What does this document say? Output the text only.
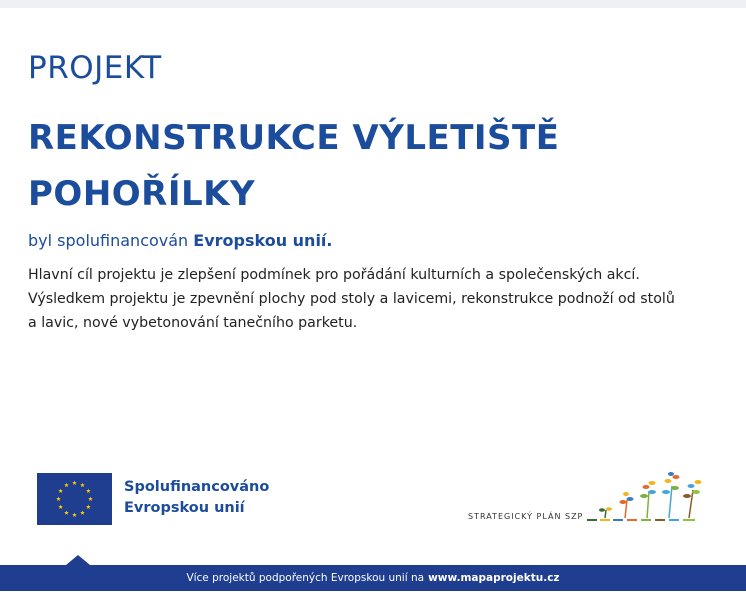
PROJEKT
REKONSTRUKCE VÝLETIŠTĚ
POHOŘÍLKY
byl spolufinancován Evropskou unií.
Hlavní cíl projektu je zlepšení podmínek pro pořádání kulturních a společenských akcí.
Výsledkem projektu je zpevnění plochy pod stoly a lavicemi, rekonstrukce podnoží od stolů
a lavic, nové vybetonování tanečního parketu.
Spolufinancováno
Evropskou unií
STRATEGICKÝ PLÁN SZP
Více projektů podpořených Evropskou unií na www.mapaprojektu.cz
